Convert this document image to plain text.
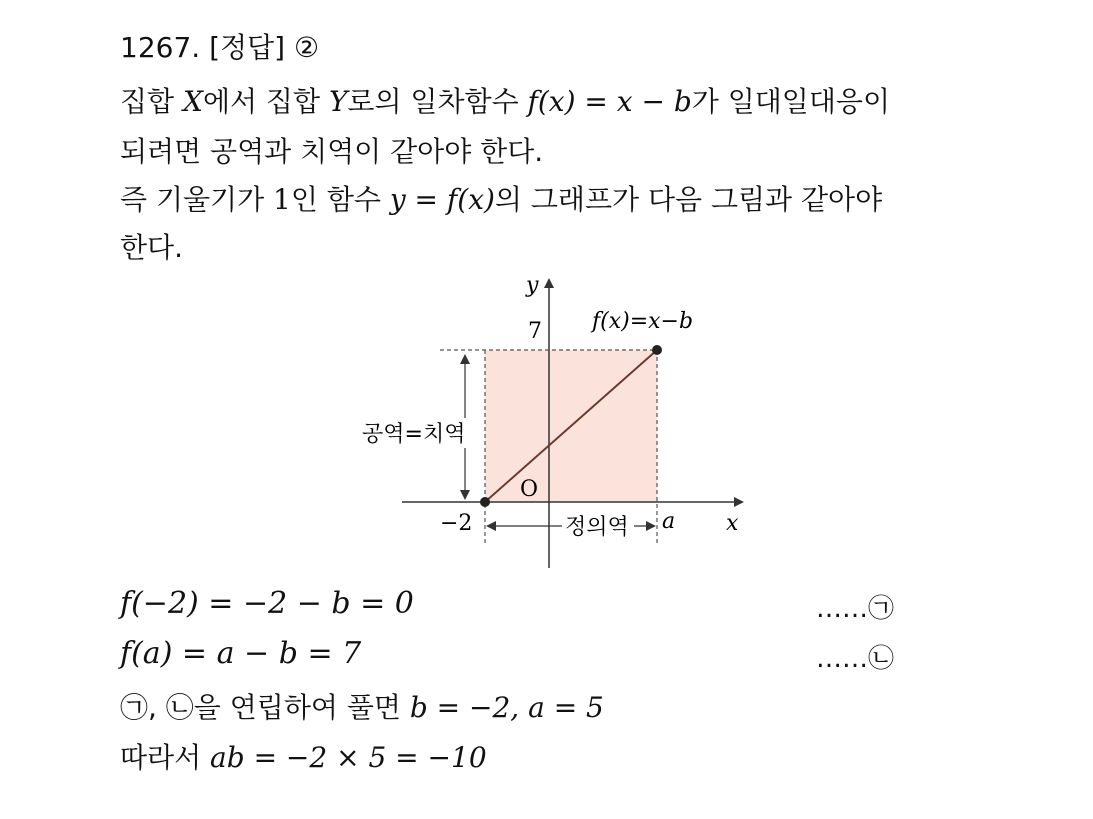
1267. [정답] ②
집합 X에서 집합 Y로의 일차함수 f(x) = x − b가 일대일대응이
되려면 공역과 치역이 같아야 한다.
즉 기울기가 1인 함수 y = f(x)의 그래프가 다음 그림과 같아야
한다.
y
x
7 f(x)=x−b
O
−2	a
공역=치역
정의역
f(−2) = −2 − b = 0	……㉠
f(a) = a − b = 7	……㉡
㉠, ㉡을 연립하여 풀면 b = −2, a = 5
따라서 ab = −2 × 5 = −10
